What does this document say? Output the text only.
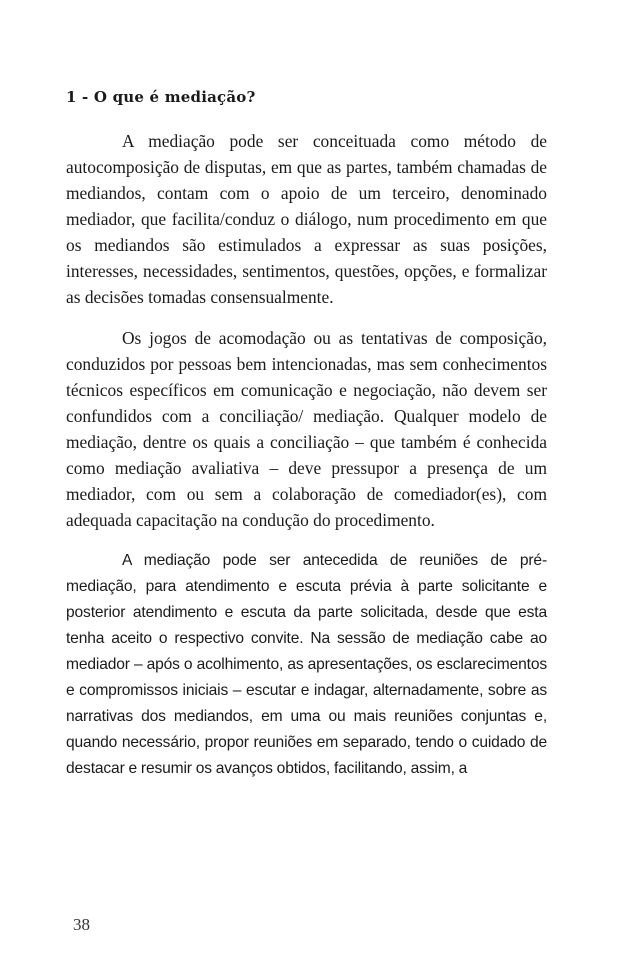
1 - O que é mediação?

A mediação pode ser conceituada como método de autocomposição de disputas, em que as partes, também chamadas de mediandos, contam com o apoio de um terceiro, denominado mediador, que facilita/conduz o diálogo, num procedimento em que os mediandos são estimulados a expressar as suas posições, interesses, necessidades, sentimentos, questões, opções, e formalizar as decisões tomadas consensualmente.

Os jogos de acomodação ou as tentativas de composição, conduzidos por pessoas bem intencionadas, mas sem conhecimentos técnicos específicos em comunicação e negociação, não devem ser confundidos com a conciliação/ mediação. Qualquer modelo de mediação, dentre os quais a conciliação – que também é conhecida como mediação avaliativa – deve pressupor a presença de um mediador, com ou sem a colaboração de comediador(es), com adequada capacitação na condução do procedimento.

A mediação pode ser antecedida de reuniões de pré-mediação, para atendimento e escuta prévia à parte solicitante e posterior atendimento e escuta da parte solicitada, desde que esta tenha aceito o respectivo convite. Na sessão de mediação cabe ao mediador – após o acolhimento, as apresentações, os esclarecimentos e compromissos iniciais – escutar e indagar, alternadamente, sobre as narrativas dos mediandos, em uma ou mais reuniões conjuntas e, quando necessário, propor reuniões em separado, tendo o cuidado de destacar e resumir os avanços obtidos, facilitando, assim, a

38
